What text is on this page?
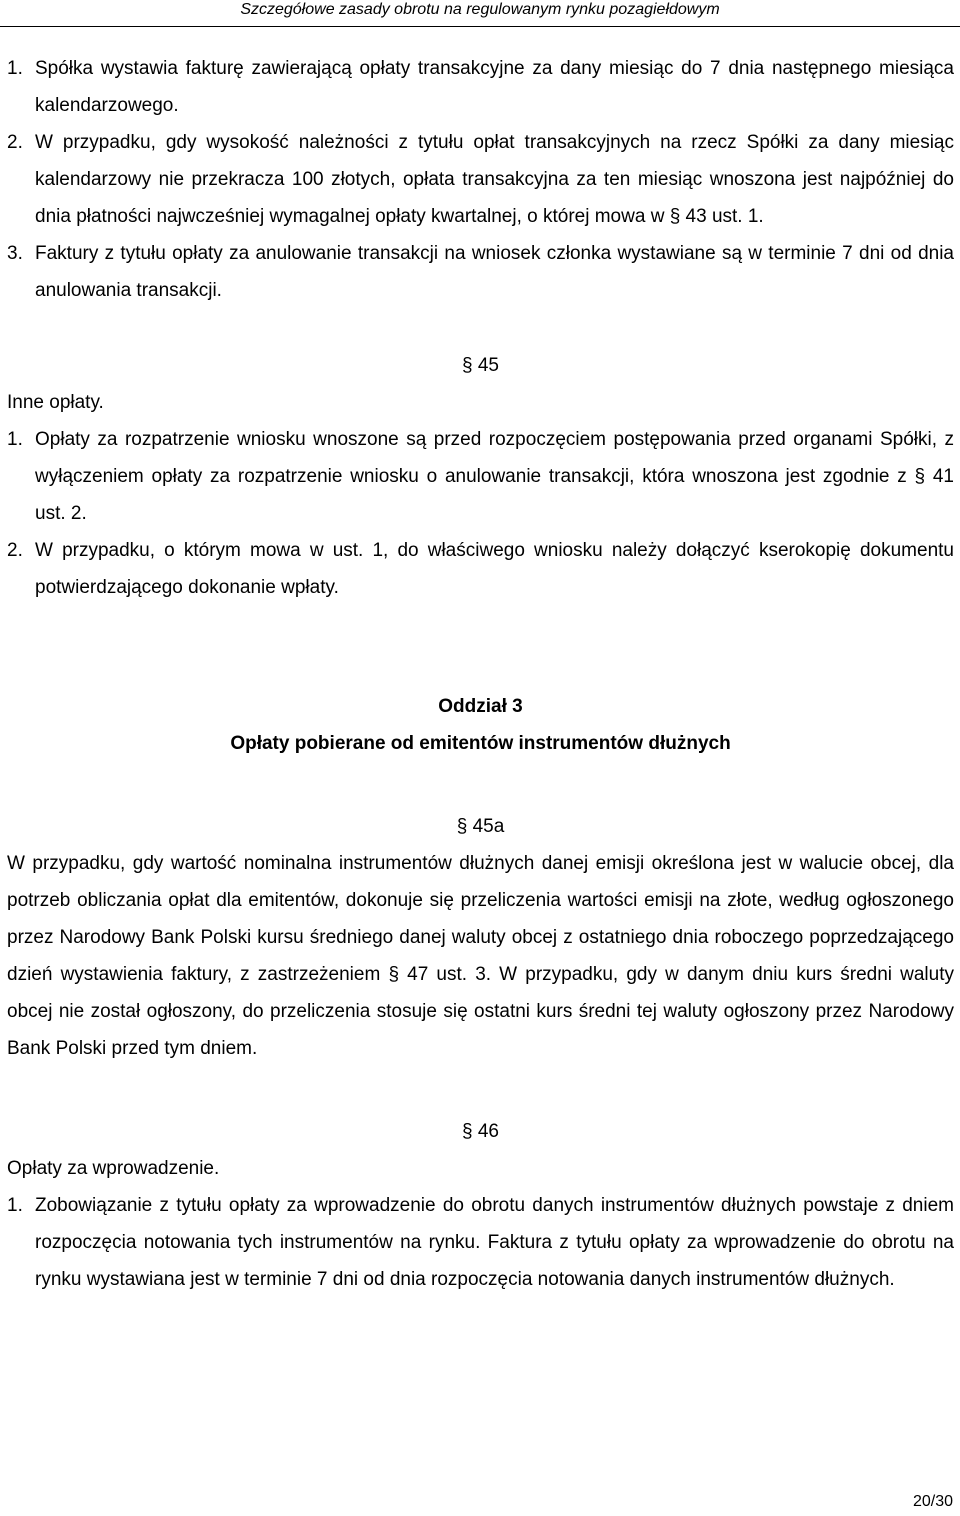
Szczegółowe zasady obrotu na regulowanym rynku pozagiełdowym
1. Spółka wystawia fakturę zawierającą opłaty transakcyjne za dany miesiąc do 7 dnia następnego miesiąca kalendarzowego.
2. W przypadku, gdy wysokość należności z tytułu opłat transakcyjnych na rzecz Spółki za dany miesiąc kalendarzowy nie przekracza 100 złotych, opłata transakcyjna za ten miesiąc wnoszona jest najpóźniej do dnia płatności najwcześniej wymagalnej opłaty kwartalnej, o której mowa w § 43 ust. 1.
3. Faktury z tytułu opłaty za anulowanie transakcji na wniosek członka wystawiane są w terminie 7 dni od dnia anulowania transakcji.
§ 45
Inne opłaty.
1. Opłaty za rozpatrzenie wniosku wnoszone są przed rozpoczęciem postępowania przed organami Spółki, z wyłączeniem opłaty za rozpatrzenie wniosku o anulowanie transakcji, która wnoszona jest zgodnie z § 41 ust. 2.
2. W przypadku, o którym mowa w ust. 1, do właściwego wniosku należy dołączyć kserokopię dokumentu potwierdzającego dokonanie wpłaty.
Oddział 3
Opłaty pobierane od emitentów instrumentów dłużnych
§ 45a
W przypadku, gdy wartość nominalna instrumentów dłużnych danej emisji określona jest w walucie obcej, dla potrzeb obliczania opłat dla emitentów, dokonuje się przeliczenia wartości emisji na złote, według ogłoszonego przez Narodowy Bank Polski kursu średniego danej waluty obcej z ostatniego dnia roboczego poprzedzającego dzień wystawienia faktury, z zastrzeżeniem § 47 ust. 3. W przypadku, gdy w danym dniu kurs średni waluty obcej nie został ogłoszony, do przeliczenia stosuje się ostatni kurs średni tej waluty ogłoszony przez Narodowy Bank Polski przed tym dniem.
§ 46
Opłaty za wprowadzenie.
1. Zobowiązanie z tytułu opłaty za wprowadzenie do obrotu danych instrumentów dłużnych powstaje z dniem rozpoczęcia notowania tych instrumentów na rynku. Faktura z tytułu opłaty za wprowadzenie do obrotu na rynku wystawiana jest w terminie 7 dni od dnia rozpoczęcia notowania danych instrumentów dłużnych.
20/30
